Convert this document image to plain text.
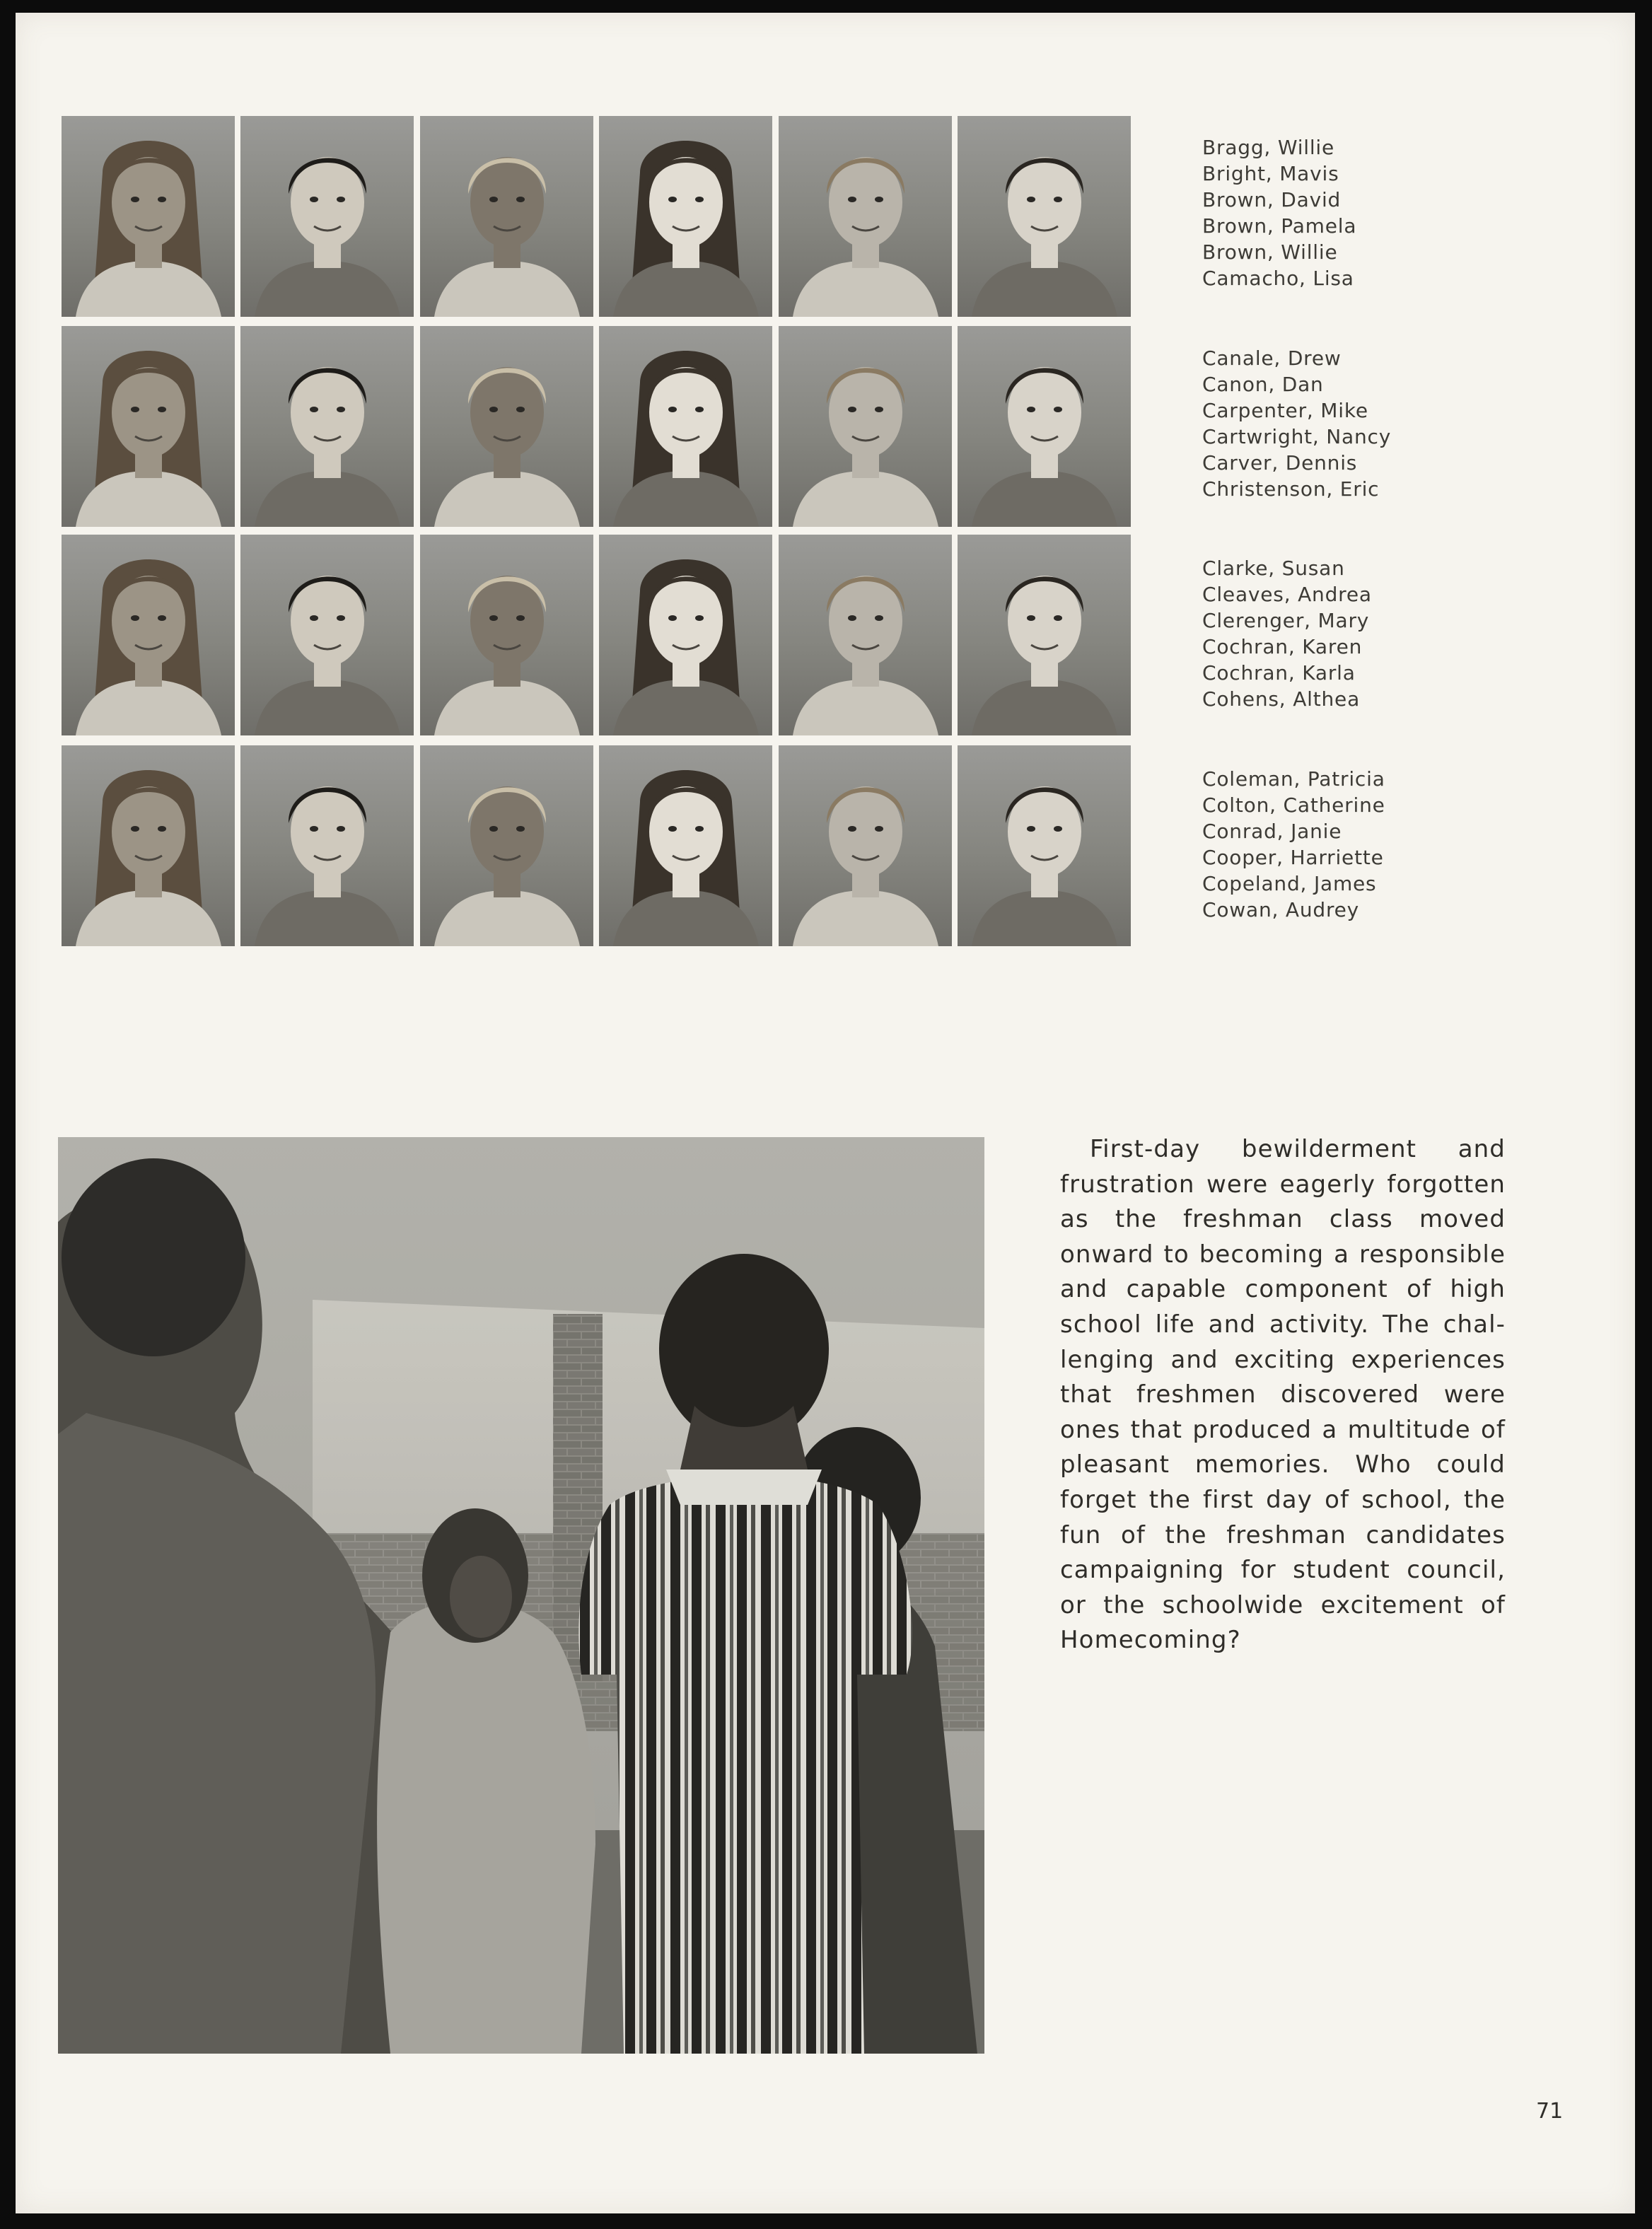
Bragg, Willie
Bright, Mavis
Brown, David
Brown, Pamela
Brown, Willie
Camacho, Lisa
Canale, Drew
Canon, Dan
Carpenter, Mike
Cartwright, Nancy
Carver, Dennis
Christenson, Eric
Clarke, Susan
Cleaves, Andrea
Clerenger, Mary
Cochran, Karen
Cochran, Karla
Cohens, Althea
Coleman, Patricia
Colton, Catherine
Conrad, Janie
Cooper, Harriette
Copeland, James
Cowan, Audrey
First-day bewilderment and
frustration were eagerly forgotten
as the freshman class moved
onward to becoming a responsible
and capable component of high
school life and activity. The chal-
lenging and exciting experiences
that freshmen discovered were
ones that produced a multitude of
pleasant memories. Who could
forget the first day of school, the
fun of the freshman candidates
campaigning for student council,
or the schoolwide excitement of
Homecoming?
71
